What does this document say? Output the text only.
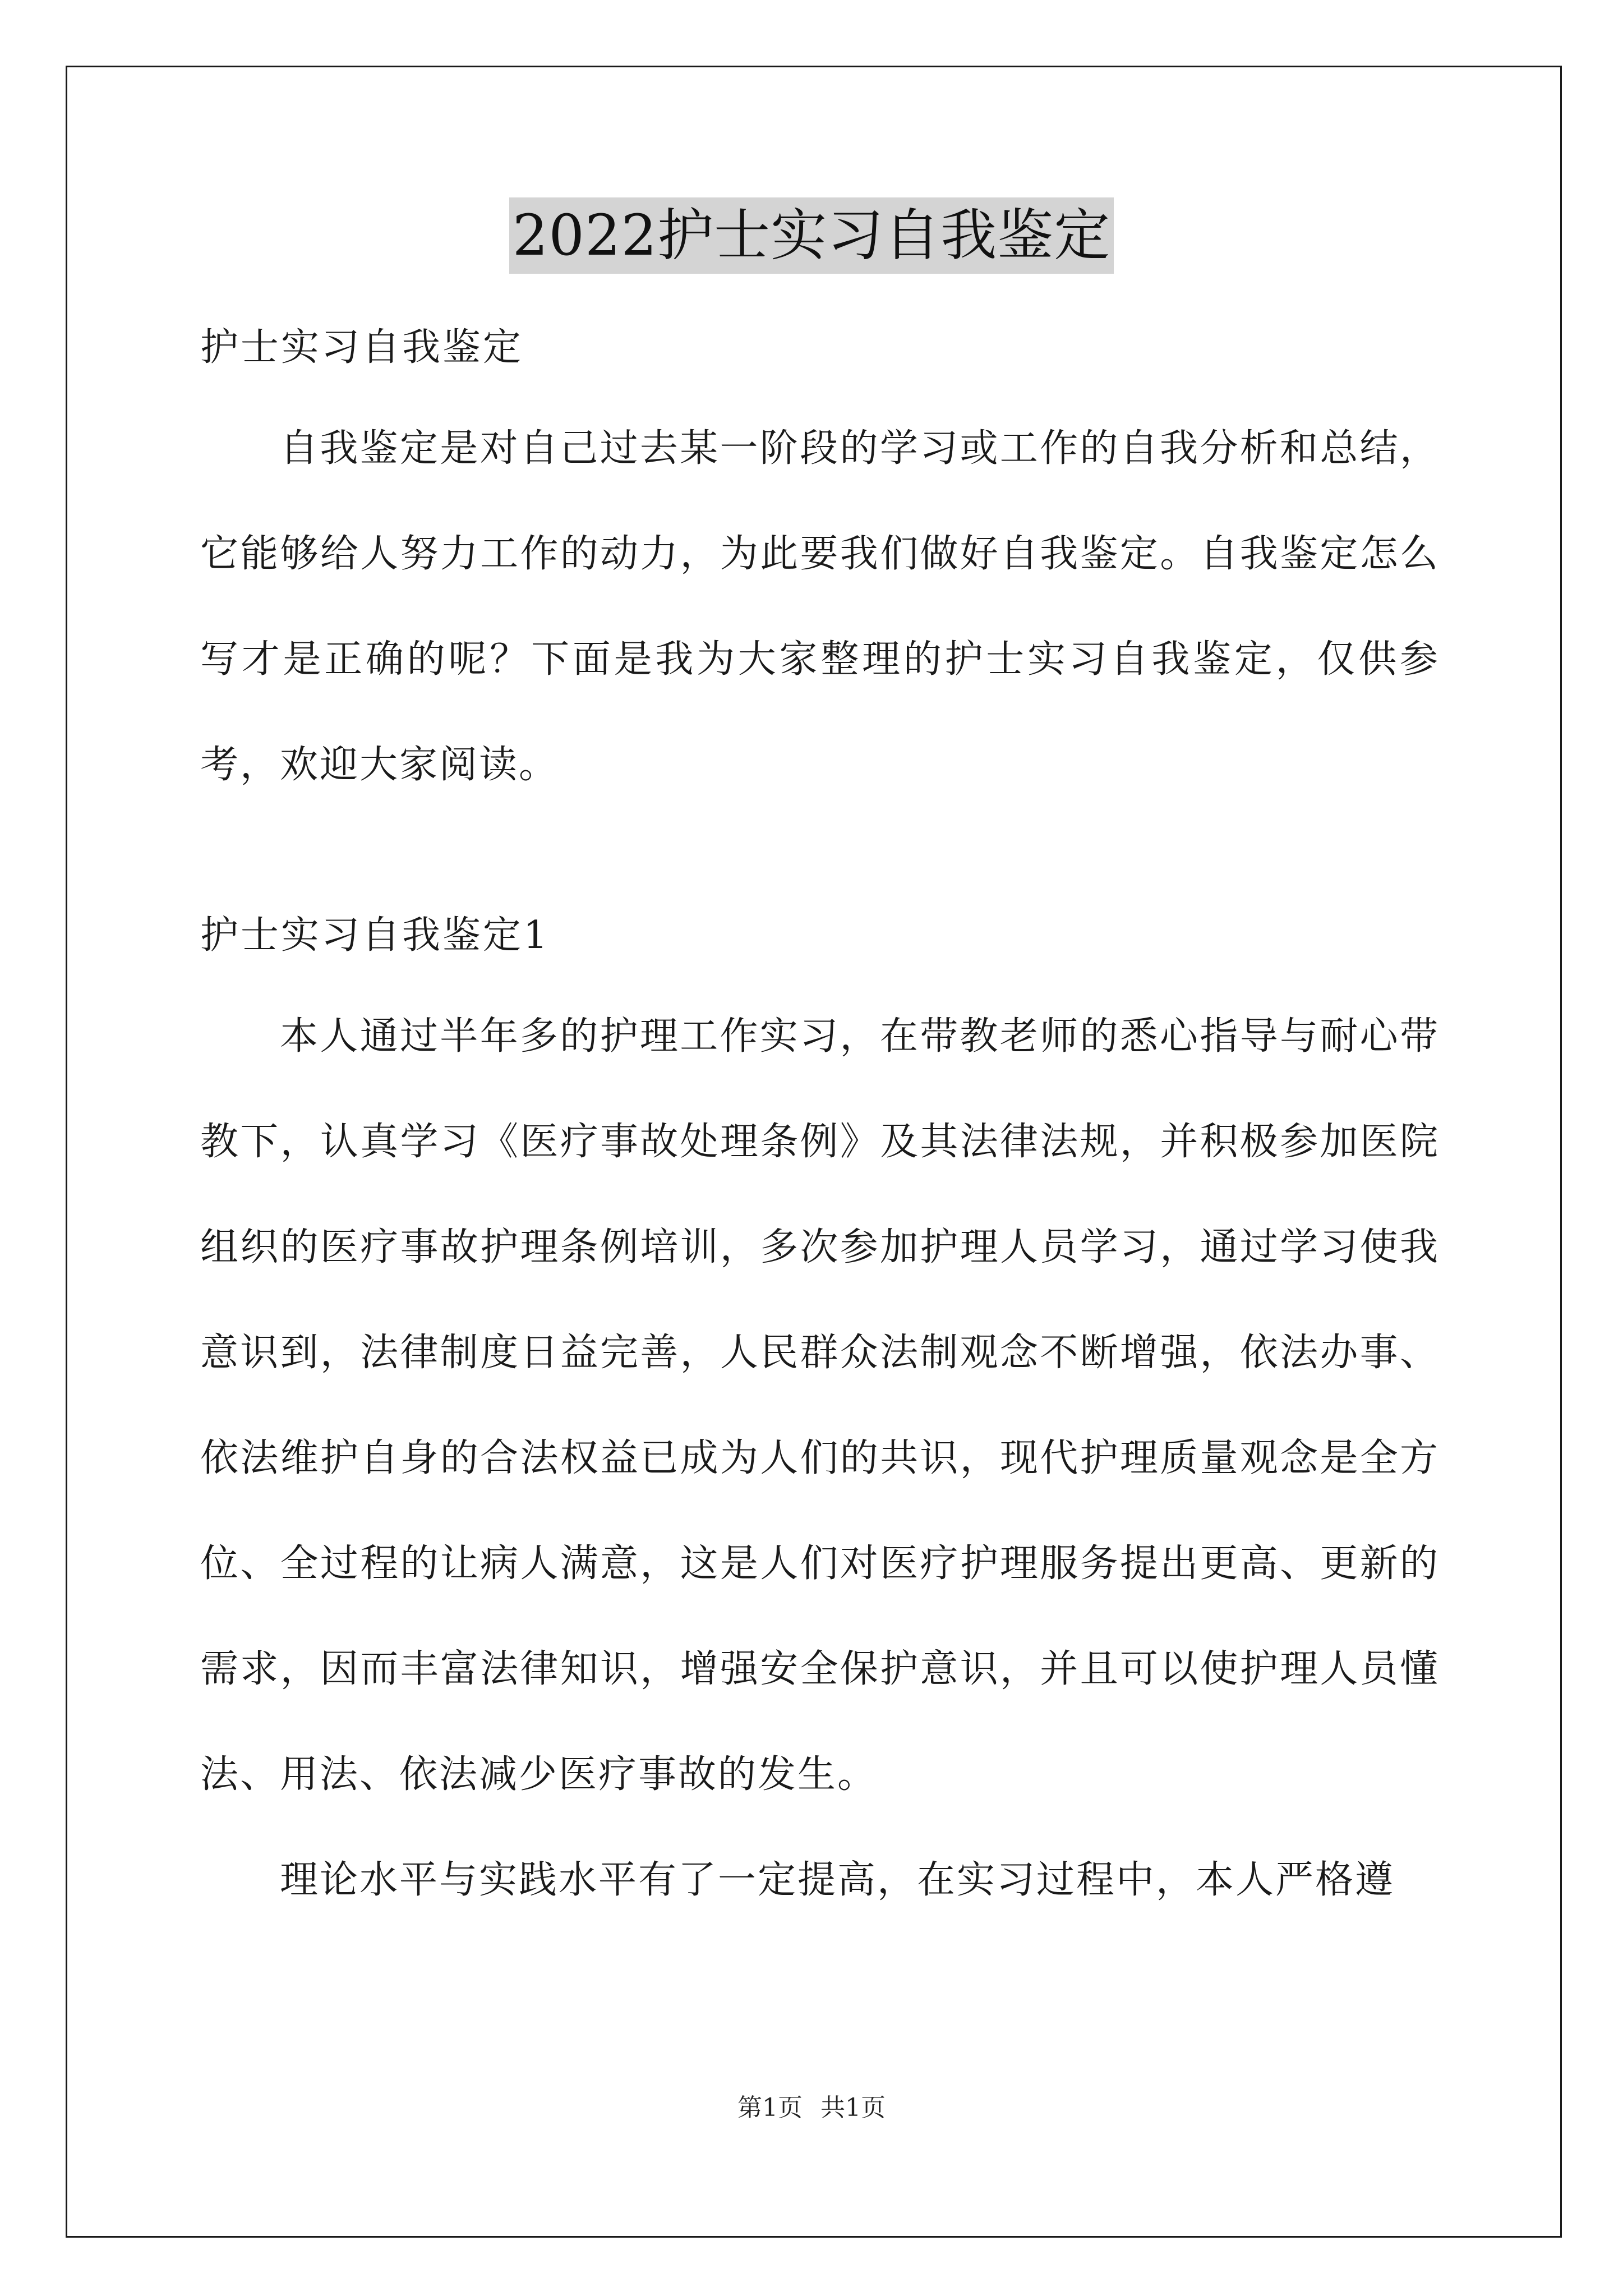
2022护士实习自我鉴定

护士实习自我鉴定

自我鉴定是对自己过去某一阶段的学习或工作的自我分析和总结，它能够给人努力工作的动力，为此要我们做好自我鉴定。自我鉴定怎么写才是正确的呢？下面是我为大家整理的护士实习自我鉴定，仅供参考，欢迎大家阅读。

护士实习自我鉴定1

本人通过半年多的护理工作实习，在带教老师的悉心指导与耐心带教下，认真学习《医疗事故处理条例》及其法律法规，并积极参加医院组织的医疗事故护理条例培训，多次参加护理人员学习，通过学习使我意识到，法律制度日益完善，人民群众法制观念不断增强，依法办事、依法维护自身的合法权益已成为人们的共识，现代护理质量观念是全方位、全过程的让病人满意，这是人们对医疗护理服务提出更高、更新的需求，因而丰富法律知识，增强安全保护意识，并且可以使护理人员懂法、用法、依法减少医疗事故的发生。

理论水平与实践水平有了一定提高，在实习过程中，本人严格遵

第1页 共1页
